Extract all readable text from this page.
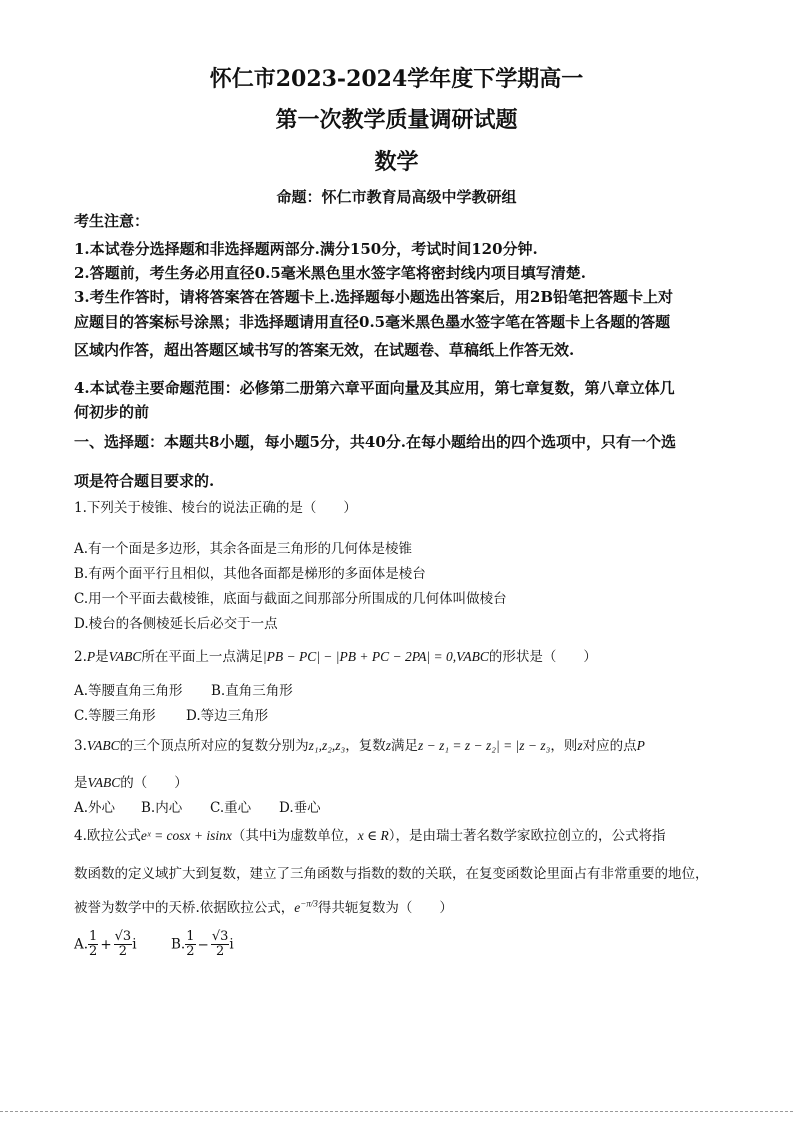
怀仁市2023-2024学年度下学期高一
第一次教学质量调研试题
数学
命题：怀仁市教育局高级中学教研组
考生注意：
1.本试卷分选择题和非选择题两部分.满分150分，考试时间120分钟.
2.答题前，考生务必用直径0.5毫米黑色里水签字笔将密封线内项目填写清楚.
3.考生作答时，请将答案答在答题卡上.选择题每小题选出答案后，用2B铅笔把答题卡上对
应题目的答案标号涂黑；非选择题请用直径0.5毫米黑色墨水签字笔在答题卡上各题的答题
区域内作答，超出答题区域书写的答案无效，在试题卷、草稿纸上作答无效.
4.本试卷主要命题范围：必修第二册第六章平面向量及其应用，第七章复数，第八章立体几
何初步的前
一、选择题：本题共8小题，每小题5分，共40分.在每小题给出的四个选项中，只有一个选
项是符合题目要求的.
1.下列关于棱锥、棱台的说法正确的是（　　）
A.有一个面是多边形，其余各面是三角形的几何体是棱锥
B.有两个面平行且相似，其他各面都是梯形的多面体是棱台
C.用一个平面去截棱锥，底面与截面之间那部分所围成的几何体叫做棱台
D.棱台的各侧棱延长后必交于一点
2.P是VABC所在平面上一点满足|PB − PC| − |PB + PC − 2PA| = 0,VABC的形状是（　　）
A.等腰直角三角形 B.直角三角形
C.等腰三角形 D.等边三角形
3.VABC的三个顶点所对应的复数分别为z₁,z₂,z₃，复数z满足z − z₁ = z − z₂| = |z − z₃，则z对应的点P
是VABC的（　　）
A.外心 B.内心 C.重心 D.垂心
4.欧拉公式eˣ = cosx + isinx（其中i为虚数单位，x ∈ R），是由瑞士著名数学家欧拉创立的，公式将指
数函数的定义域扩大到复数，建立了三角函数与指数的数的关联，在复变函数论里面占有非常重要的地位，
被誉为数学中的天桥.依据欧拉公式，$e^{-\pi/3}$得共轭复数为（　　）
A. $\frac{1}{2} + \frac{√3}{2}$ i	B. $\frac{1}{2} - \frac{√3}{2}$ i
